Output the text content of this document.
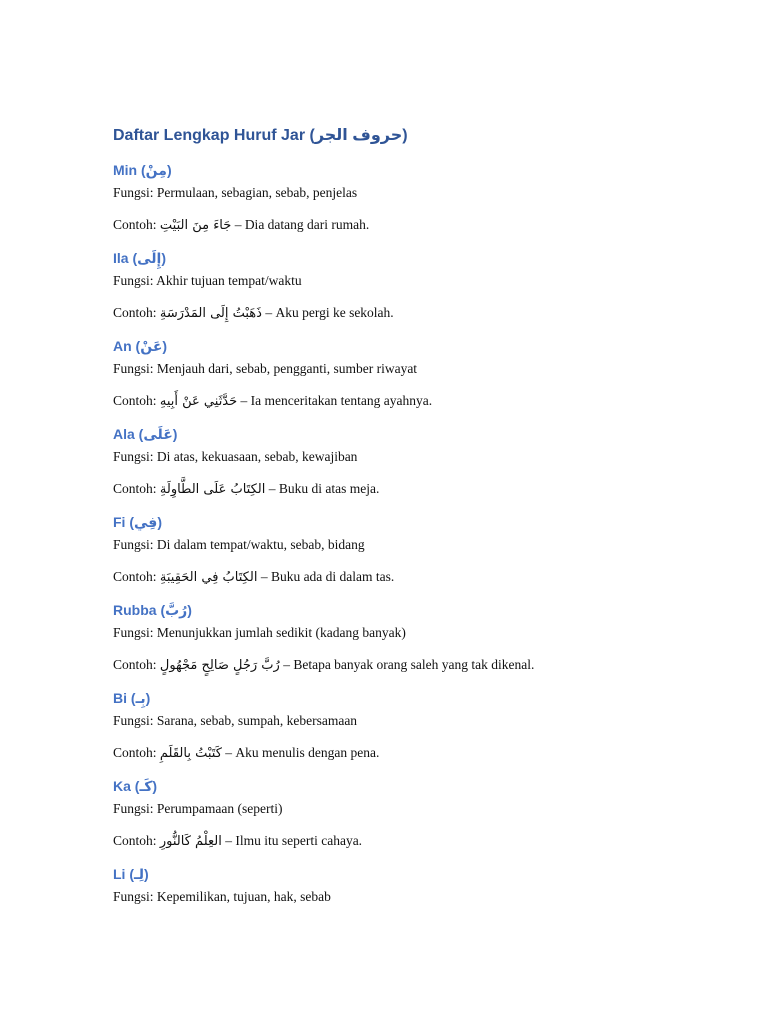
Daftar Lengkap Huruf Jar (حروف الجر)
Min (مِنْ)
Fungsi: Permulaan, sebagian, sebab, penjelas
Contoh: جَاءَ مِنَ البَيْتِ – Dia datang dari rumah.
Ila (إِلَى)
Fungsi: Akhir tujuan tempat/waktu
Contoh: ذَهَبْتُ إِلَى المَدْرَسَةِ – Aku pergi ke sekolah.
An (عَنْ)
Fungsi: Menjauh dari, sebab, pengganti, sumber riwayat
Contoh: حَدَّثَنِي عَنْ أَبِيهِ – Ia menceritakan tentang ayahnya.
Ala (عَلَى)
Fungsi: Di atas, kekuasaan, sebab, kewajiban
Contoh: الكِتَابُ عَلَى الطَّاوِلَةِ – Buku di atas meja.
Fi (فِي)
Fungsi: Di dalam tempat/waktu, sebab, bidang
Contoh: الكِتَابُ فِي الحَقِيبَةِ – Buku ada di dalam tas.
Rubba (رُبَّ)
Fungsi: Menunjukkan jumlah sedikit (kadang banyak)
Contoh: رُبَّ رَجُلٍ صَالِحٍ مَجْهُولٍ – Betapa banyak orang saleh yang tak dikenal.
Bi (بِـ)
Fungsi: Sarana, sebab, sumpah, kebersamaan
Contoh: كَتَبْتُ بِالقَلَمِ – Aku menulis dengan pena.
Ka (كَـ)
Fungsi: Perumpamaan (seperti)
Contoh: العِلْمُ كَالنُّورِ – Ilmu itu seperti cahaya.
Li (لِـ)
Fungsi: Kepemilikan, tujuan, hak, sebab
